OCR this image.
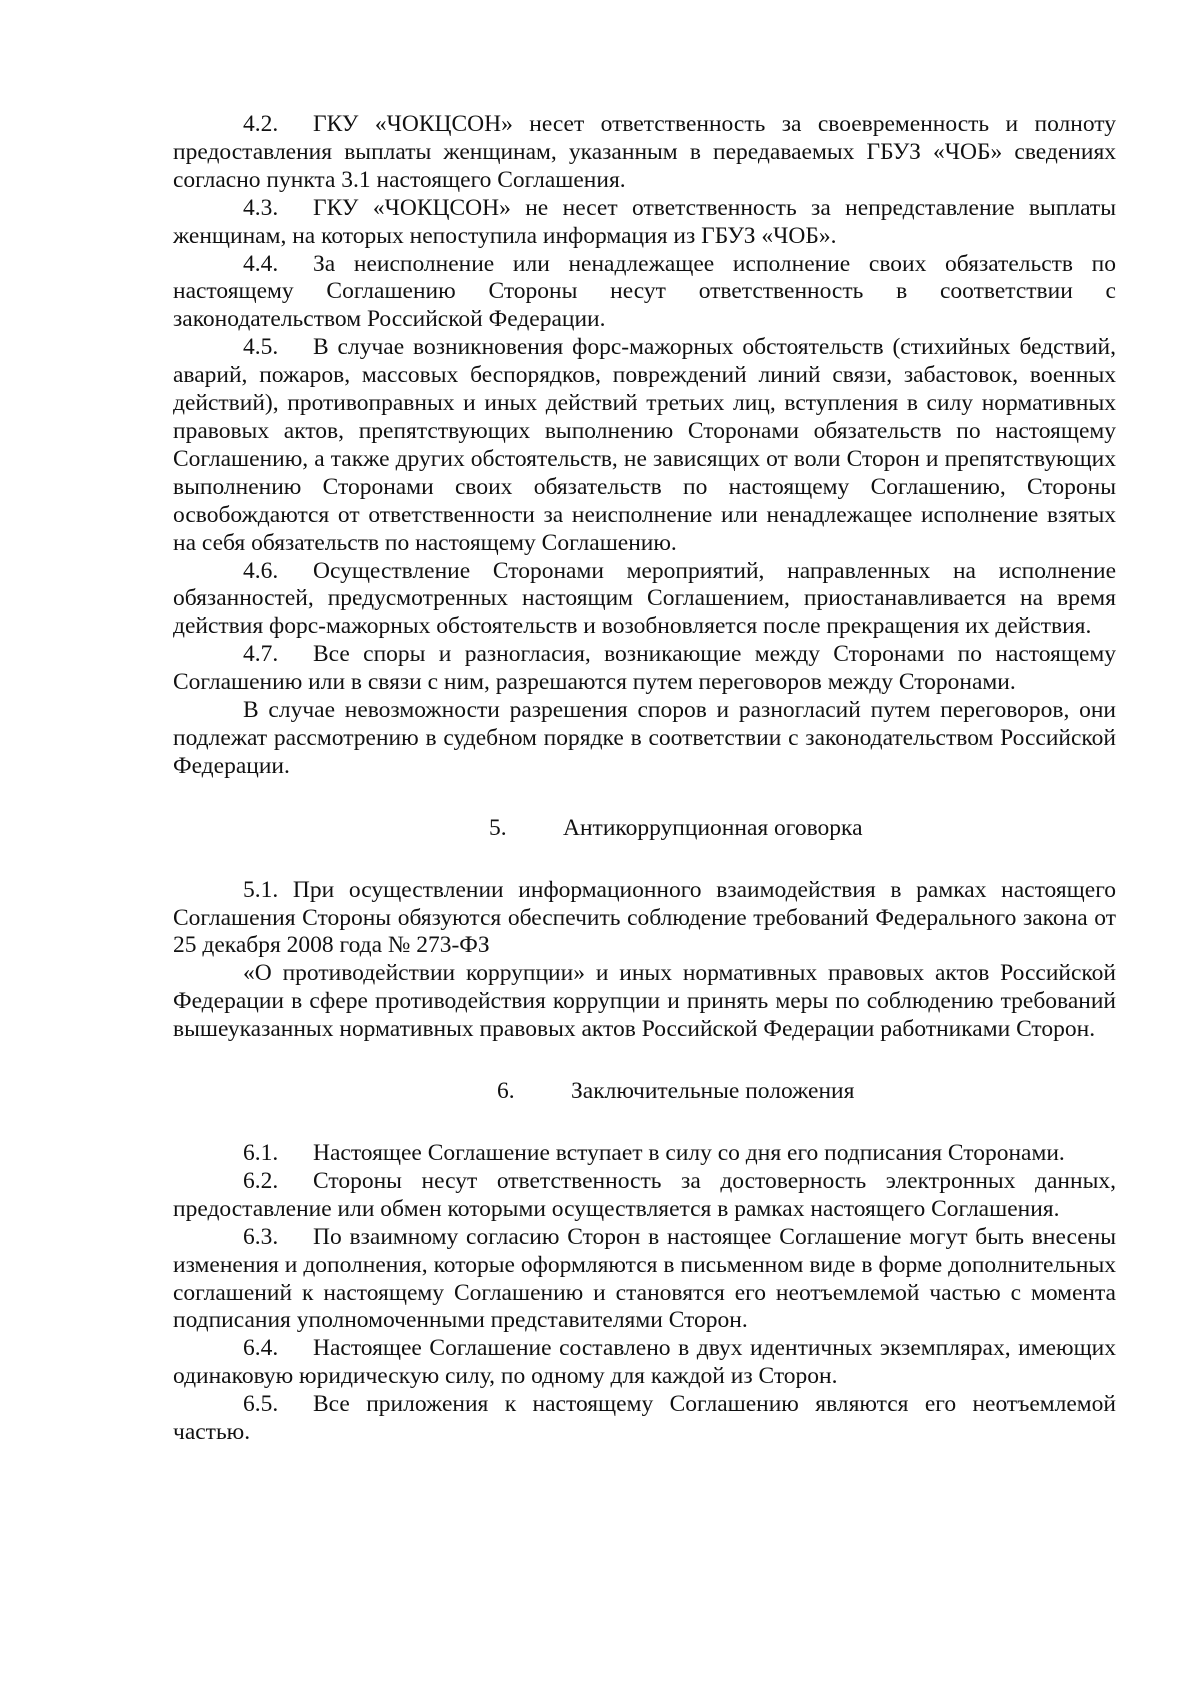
4.2. ГКУ «ЧОКЦСОН» несет ответственность за своевременность и полноту предоставления выплаты женщинам, указанным в передаваемых ГБУЗ «ЧОБ» сведениях согласно пункта 3.1 настоящего Соглашения.

4.3. ГКУ «ЧОКЦСОН» не несет ответственность за непредставление выплаты женщинам, на которых непоступила информация из ГБУЗ «ЧОБ».

4.4. За неисполнение или ненадлежащее исполнение своих обязательств по настоящему Соглашению Стороны несут ответственность в соответствии с законодательством Российской Федерации.

4.5. В случае возникновения форс-мажорных обстоятельств (стихийных бедствий, аварий, пожаров, массовых беспорядков, повреждений линий связи, забастовок, военных действий), противоправных и иных действий третьих лиц, вступления в силу нормативных правовых актов, препятствующих выполнению Сторонами обязательств по настоящему Соглашению, а также других обстоятельств, не зависящих от воли Сторон и препятствующих выполнению Сторонами своих обязательств по настоящему Соглашению, Стороны освобождаются от ответственности за неисполнение или ненадлежащее исполнение взятых на себя обязательств по настоящему Соглашению.

4.6. Осуществление Сторонами мероприятий, направленных на исполнение обязанностей, предусмотренных настоящим Соглашением, приостанавливается на время действия форс-мажорных обстоятельств и возобновляется после прекращения их действия.

4.7. Все споры и разногласия, возникающие между Сторонами по настоящему Соглашению или в связи с ним, разрешаются путем переговоров между Сторонами.

В случае невозможности разрешения споров и разногласий путем переговоров, они подлежат рассмотрению в судебном порядке в соответствии с законодательством Российской Федерации.

5. Антикоррупционная оговорка

5.1. При осуществлении информационного взаимодействия в рамках настоящего Соглашения Стороны обязуются обеспечить соблюдение требований Федерального закона от 25 декабря 2008 года № 273-ФЗ

«О противодействии коррупции» и иных нормативных правовых актов Российской Федерации в сфере противодействия коррупции и принять меры по соблюдению требований вышеуказанных нормативных правовых актов Российской Федерации работниками Сторон.

6. Заключительные положения

6.1. Настоящее Соглашение вступает в силу со дня его подписания Сторонами.

6.2. Стороны несут ответственность за достоверность электронных данных, предоставление или обмен которыми осуществляется в рамках настоящего Соглашения.

6.3. По взаимному согласию Сторон в настоящее Соглашение могут быть внесены изменения и дополнения, которые оформляются в письменном виде в форме дополнительных соглашений к настоящему Соглашению и становятся его неотъемлемой частью с момента подписания уполномоченными представителями Сторон.

6.4. Настоящее Соглашение составлено в двух идентичных экземплярах, имеющих одинаковую юридическую силу, по одному для каждой из Сторон.

6.5. Все приложения к настоящему Соглашению являются его неотъемлемой частью.
